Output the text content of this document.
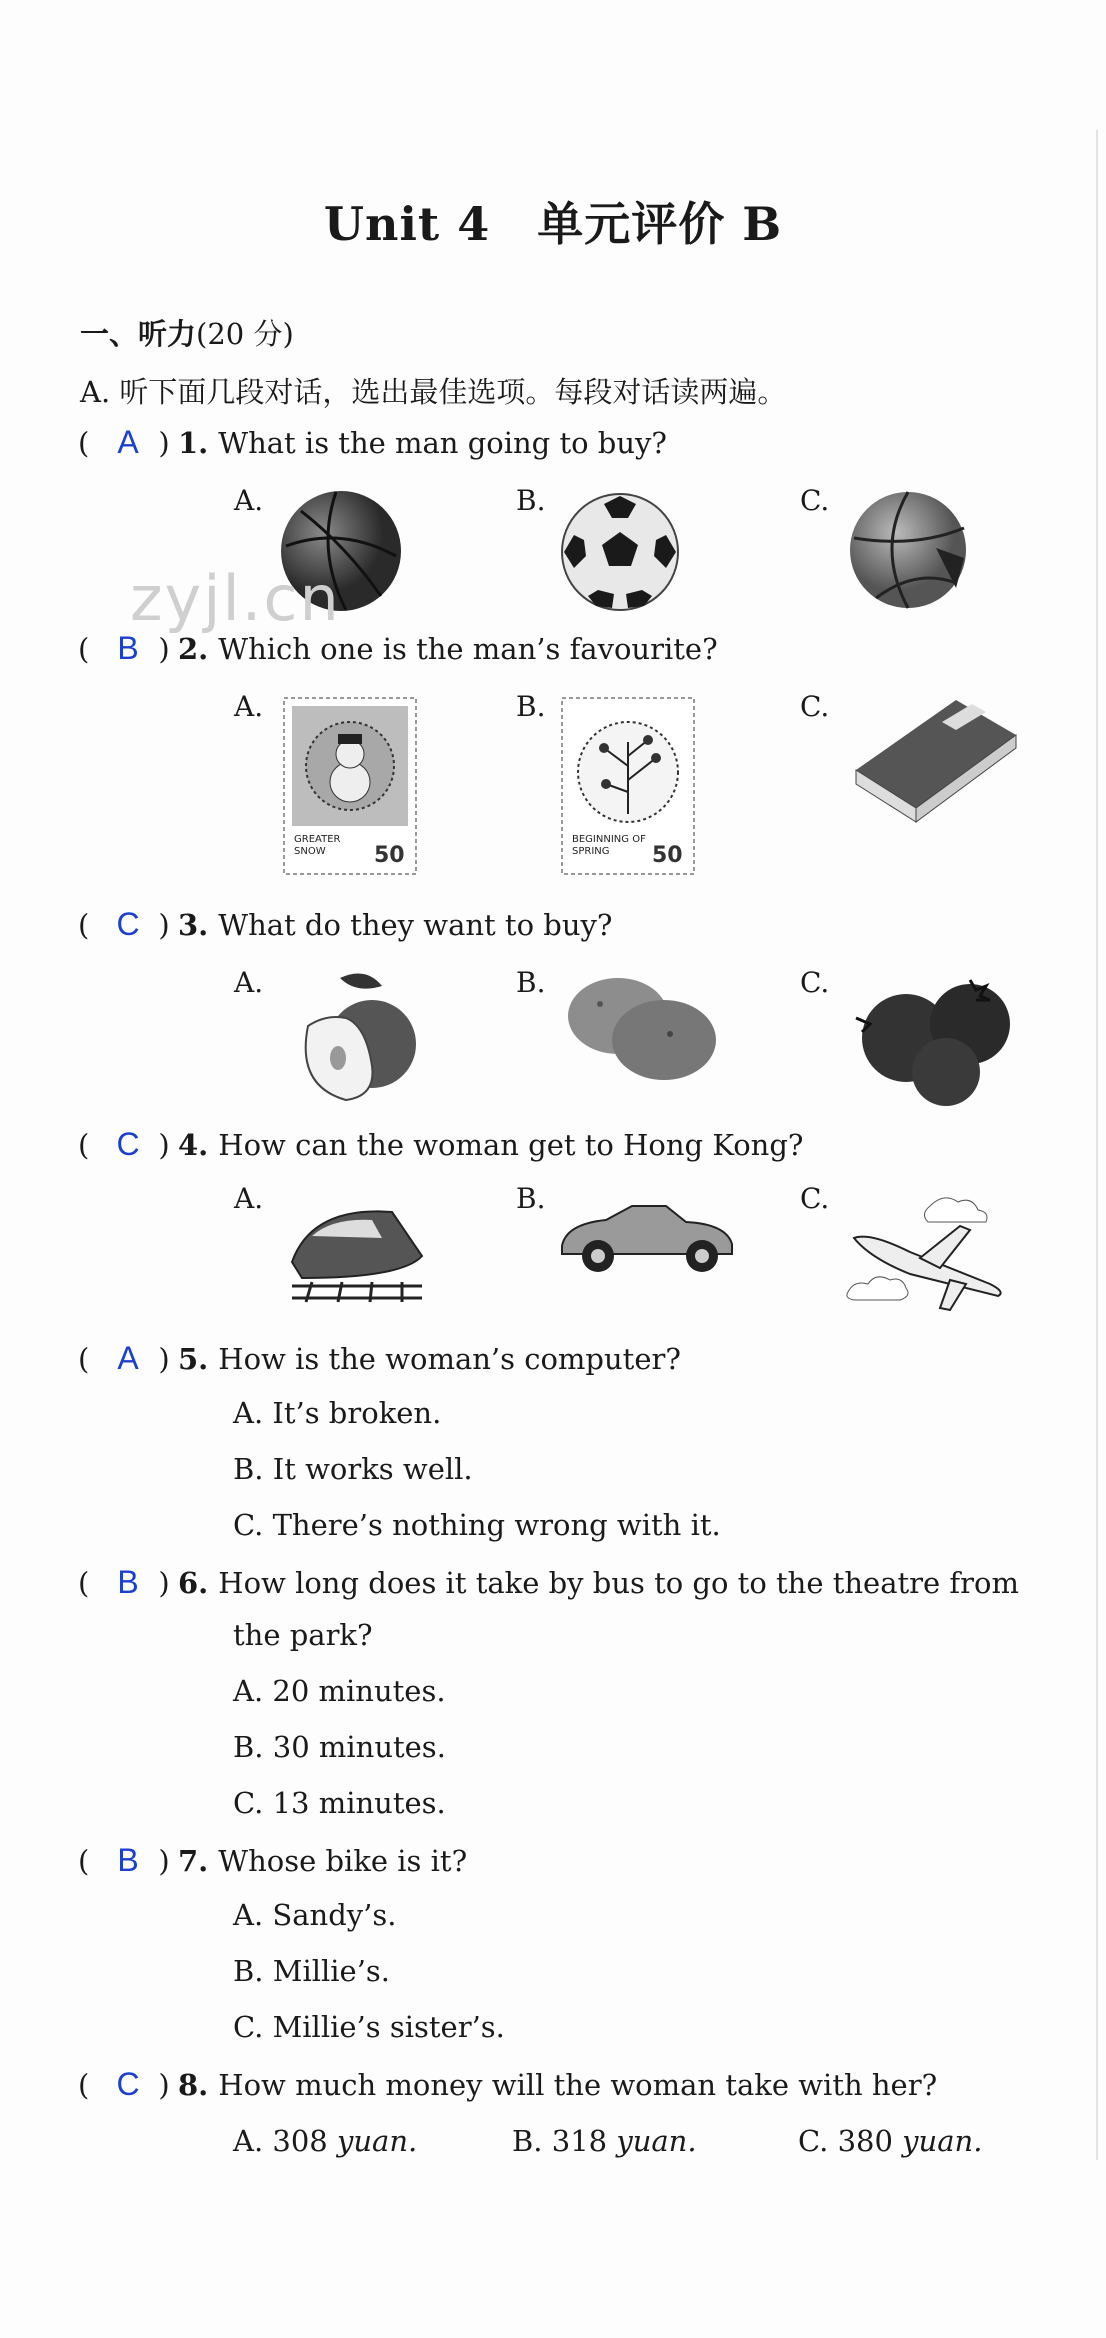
Unit 4　单元评价 B
一、听力(20 分)
A. 听下面几段对话，选出最佳选项。每段对话读两遍。
( A ) 1. What is the man going to buy?
A.	B.	C.
zyjl.cn
( B ) 2. Which one is the man’s favourite?
A.	B.	C.
GREATER
SNOW 50
BEGINNING OF
SPRING 50
( C ) 3. What do they want to buy?
A.	B.	C.
( C ) 4. How can the woman get to Hong Kong?
A.	B.	C.
( A ) 5. How is the woman’s computer?
A. It’s broken.
B. It works well.
C. There’s nothing wrong with it.
( B ) 6. How long does it take by bus to go to the theatre from
the park?
A. 20 minutes.
B. 30 minutes.
C. 13 minutes.
( B ) 7. Whose bike is it?
A. Sandy’s.
B. Millie’s.
C. Millie’s sister’s.
( C ) 8. How much money will the woman take with her?
A. 308 yuan.	B. 318 yuan.	C. 380 yuan.
